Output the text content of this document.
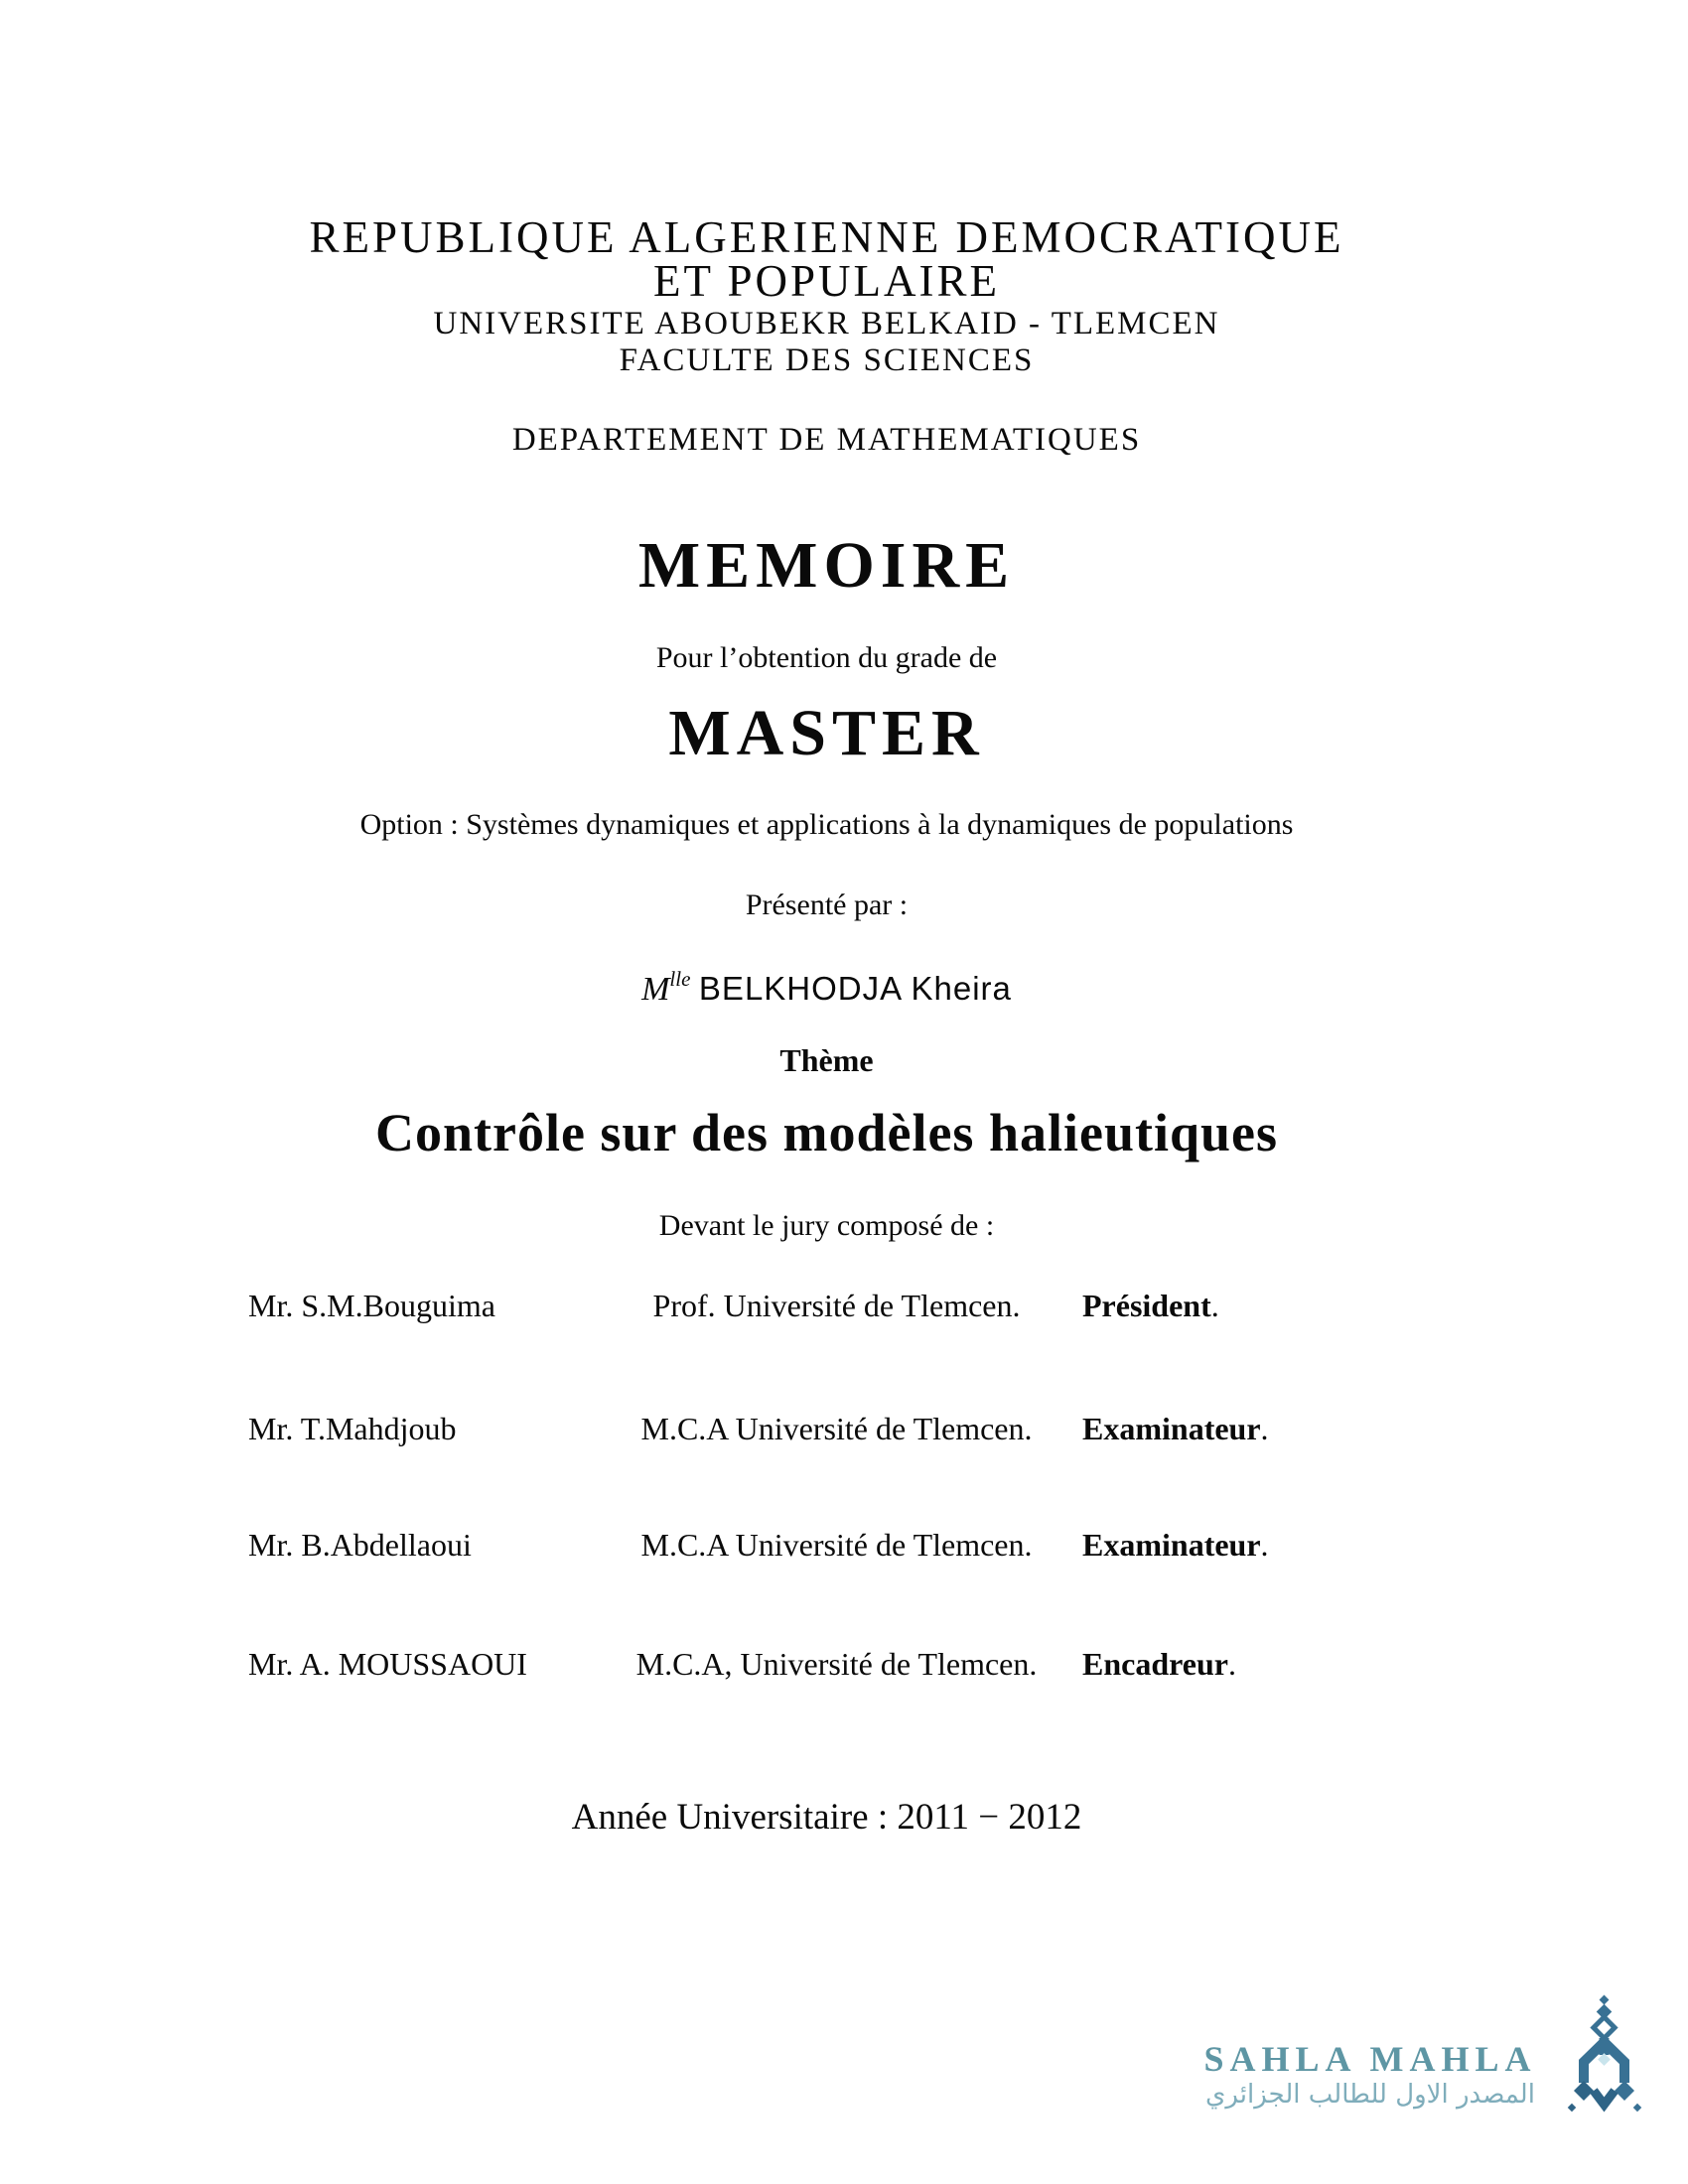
REPUBLIQUE ALGERIENNE DEMOCRATIQUE
ET POPULAIRE
UNIVERSITE ABOUBEKR BELKAID - TLEMCEN
FACULTE DES SCIENCES
DEPARTEMENT DE MATHEMATIQUES
MEMOIRE
Pour l’obtention du grade de
MASTER
Option : Systèmes dynamiques et applications à la dynamiques de populations
Présenté par :
$M^{lle}$ BELKHODJA Kheira
Thème
Contrôle sur des modèles halieutiques
Devant le jury composé de :
Mr. S.M.Bouguima	Prof. Université de Tlemcen.	Président.
Mr. T.Mahdjoub	M.C.A Université de Tlemcen.	Examinateur.
Mr. B.Abdellaoui	M.C.A Université de Tlemcen.	Examinateur.
Mr. A. MOUSSAOUI	M.C.A, Université de Tlemcen.	Encadreur.
Année Universitaire : 2011 − 2012
SAHLA MAHLA
المصدر الاول للطالب الجزائري
